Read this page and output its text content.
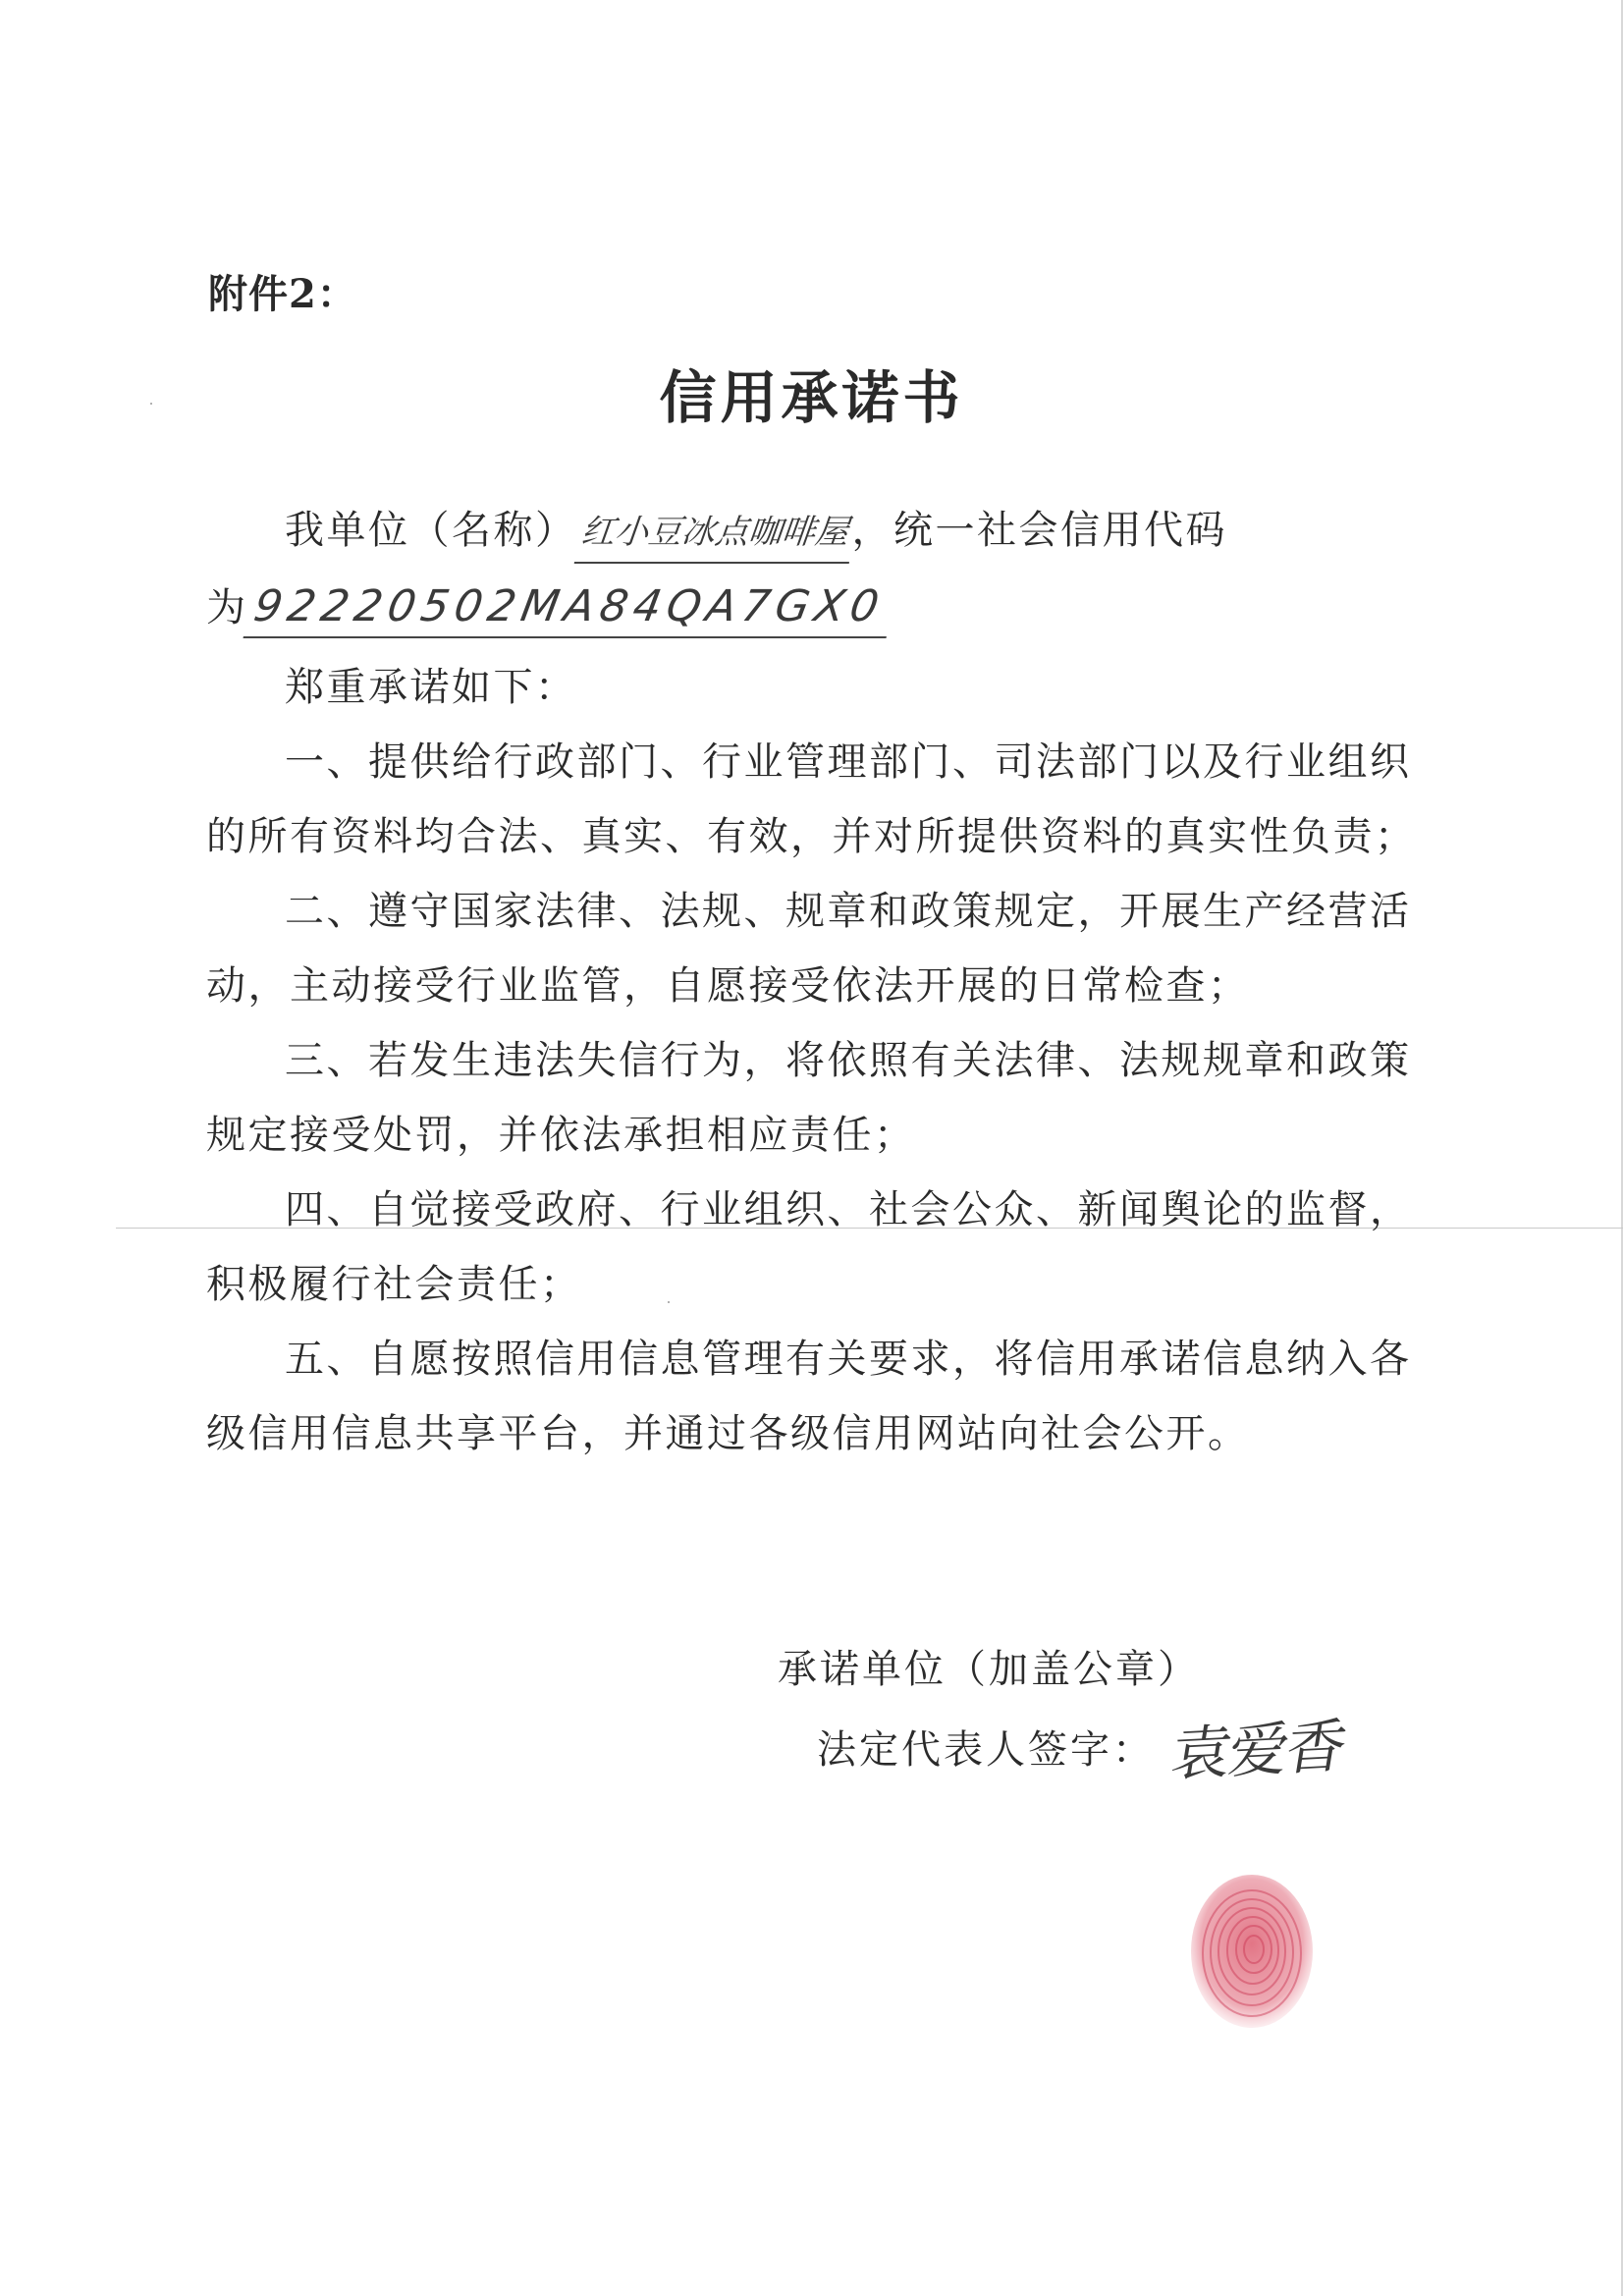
附件2：
信用承诺书
我单位（名称）红小豆冰点咖啡屋，统一社会信用代码
为92220502MA84QA7GX0
郑重承诺如下：
一、提供给行政部门、行业管理部门、司法部门以及行业组织
的所有资料均合法、真实、有效，并对所提供资料的真实性负责；
二、遵守国家法律、法规、规章和政策规定，开展生产经营活
动，主动接受行业监管，自愿接受依法开展的日常检查；
三、若发生违法失信行为，将依照有关法律、法规规章和政策
规定接受处罚，并依法承担相应责任；
四、自觉接受政府、行业组织、社会公众、新闻舆论的监督，
积极履行社会责任；
五、自愿按照信用信息管理有关要求，将信用承诺信息纳入各
级信用信息共享平台，并通过各级信用网站向社会公开。
承诺单位（加盖公章）
法定代表人签字： 袁爱香
